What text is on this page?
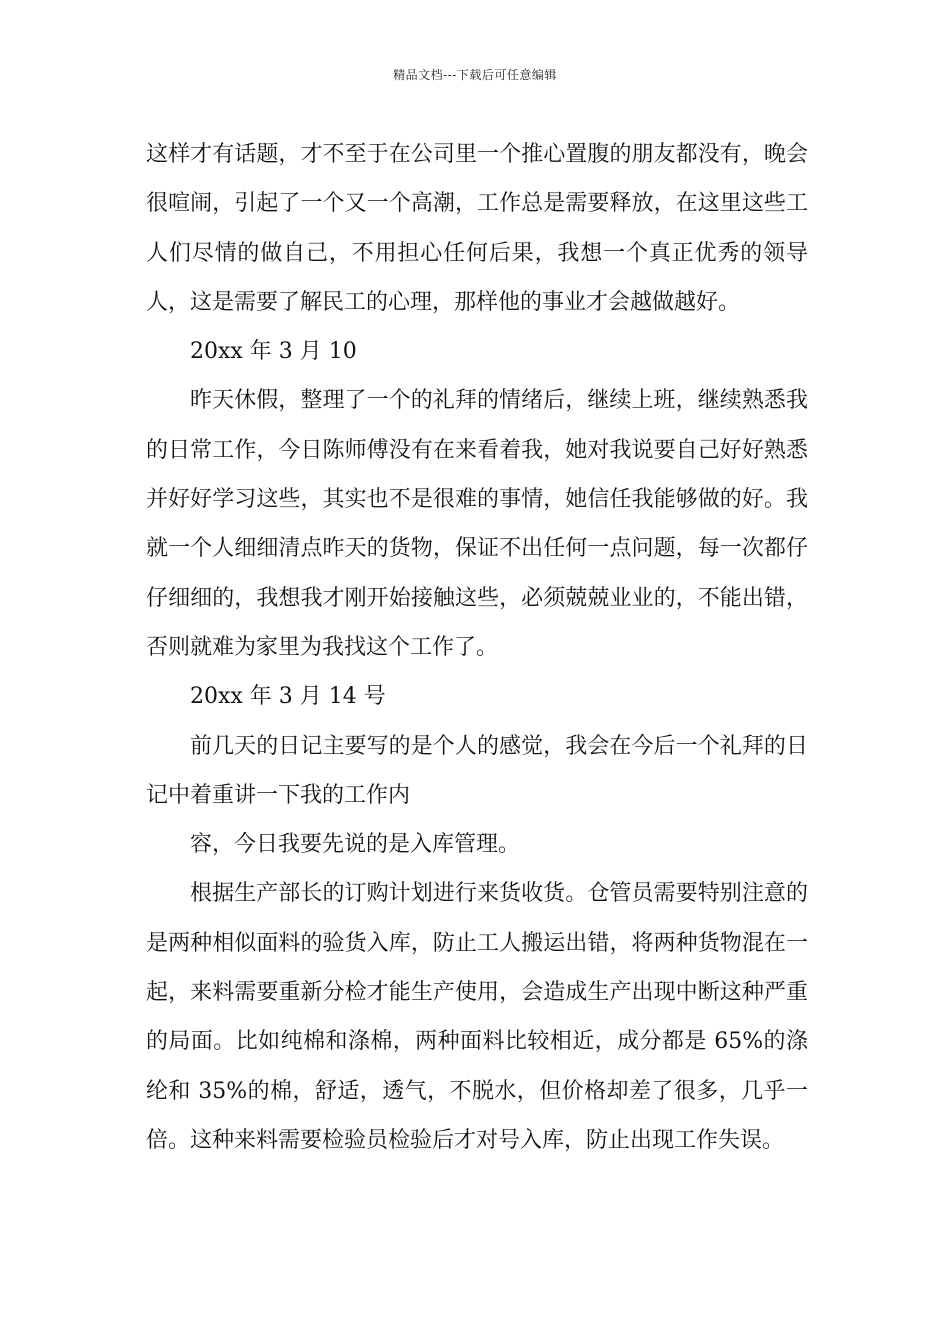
精品文档---下载后可任意编辑

这样才有话题，才不至于在公司里一个推心置腹的朋友都没有，晚会很喧闹，引起了一个又一个高潮，工作总是需要释放，在这里这些工人们尽情的做自己，不用担心任何后果，我想一个真正优秀的领导人，这是需要了解民工的心理，那样他的事业才会越做越好。

20xx 年 3 月 10

昨天休假，整理了一个的礼拜的情绪后，继续上班，继续熟悉我的日常工作，今日陈师傅没有在来看着我，她对我说要自己好好熟悉并好好学习这些，其实也不是很难的事情，她信任我能够做的好。我就一个人细细清点昨天的货物，保证不出任何一点问题，每一次都仔仔细细的，我想我才刚开始接触这些，必须兢兢业业的，不能出错，否则就难为家里为我找这个工作了。

20xx 年 3 月 14 号

前几天的日记主要写的是个人的感觉，我会在今后一个礼拜的日记中着重讲一下我的工作内

容，今日我要先说的是入库管理。

根据生产部长的订购计划进行来货收货。仓管员需要特别注意的是两种相似面料的验货入库，防止工人搬运出错，将两种货物混在一起，来料需要重新分检才能生产使用，会造成生产出现中断这种严重的局面。比如纯棉和涤棉，两种面料比较相近，成分都是 65%的涤纶和 35%的棉，舒适，透气，不脱水，但价格却差了很多，几乎一倍。这种来料需要检验员检验后才对号入库，防止出现工作失误。
